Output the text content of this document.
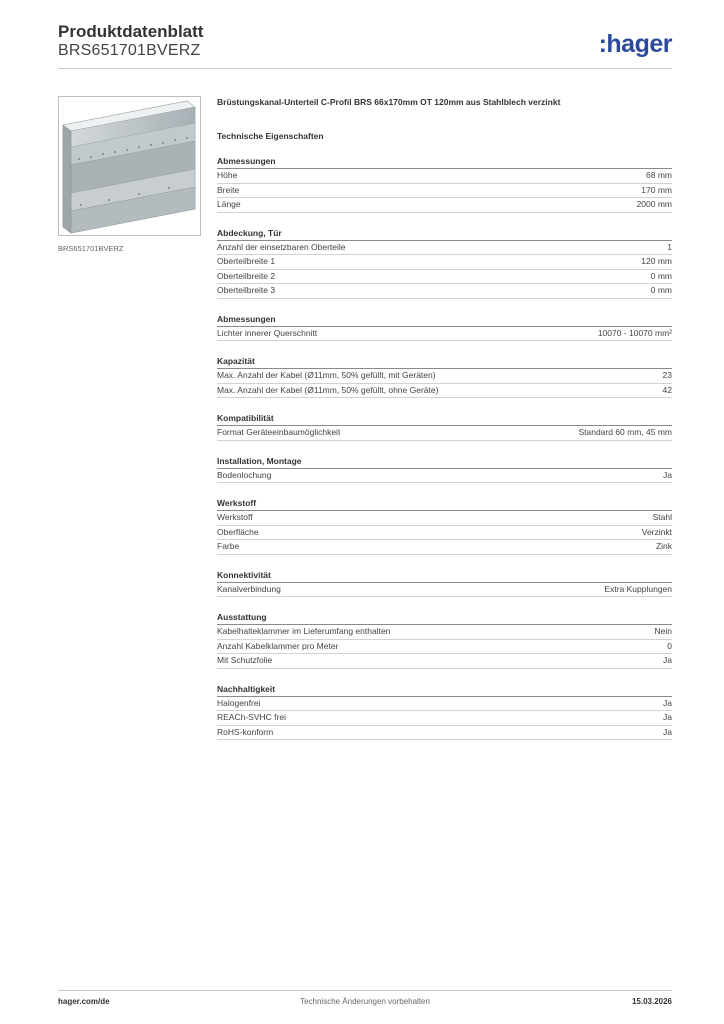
Produktdatenblatt
BRS651701BVERZ	:hager
BRS651701BVERZ
Brüstungskanal-Unterteil C-Profil BRS 66x170mm OT 120mm aus Stahlblech verzinkt
Technische Eigenschaften
Abmessungen
Höhe	68 mm
Breite	170 mm
Länge	2000 mm
Abdeckung, Tür
Anzahl der einsetzbaren Oberteile	1
Oberteilbreite 1	120 mm
Oberteilbreite 2	0 mm
Oberteilbreite 3	0 mm
Abmessungen
Lichter innerer Querschnitt	10070 - 10070 mm²
Kapazität
Max. Anzahl der Kabel (Ø11mm, 50% gefüllt, mit Geräten)	23
Max. Anzahl der Kabel (Ø11mm, 50% gefüllt, ohne Geräte)	42
Kompatibilität
Format Geräteeinbaumöglichkeit	Standard 60 mm, 45 mm
Installation, Montage
Bodenlochung	Ja
Werkstoff
Werkstoff	Stahl
Oberfläche	Verzinkt
Farbe	Zink
Konnektivität
Kanalverbindung	Extra Kupplungen
Ausstattung
Kabelhalteklammer im Lieferumfang enthalten	Nein
Anzahl Kabelklammer pro Meter	0
Mit Schutzfolie	Ja
Nachhaltigkeit
Halogenfrei	Ja
REACh-SVHC frei	Ja
RoHS-konform	Ja
Technische Änderungen vorbehalten
hager.com/de	15.03.2026
